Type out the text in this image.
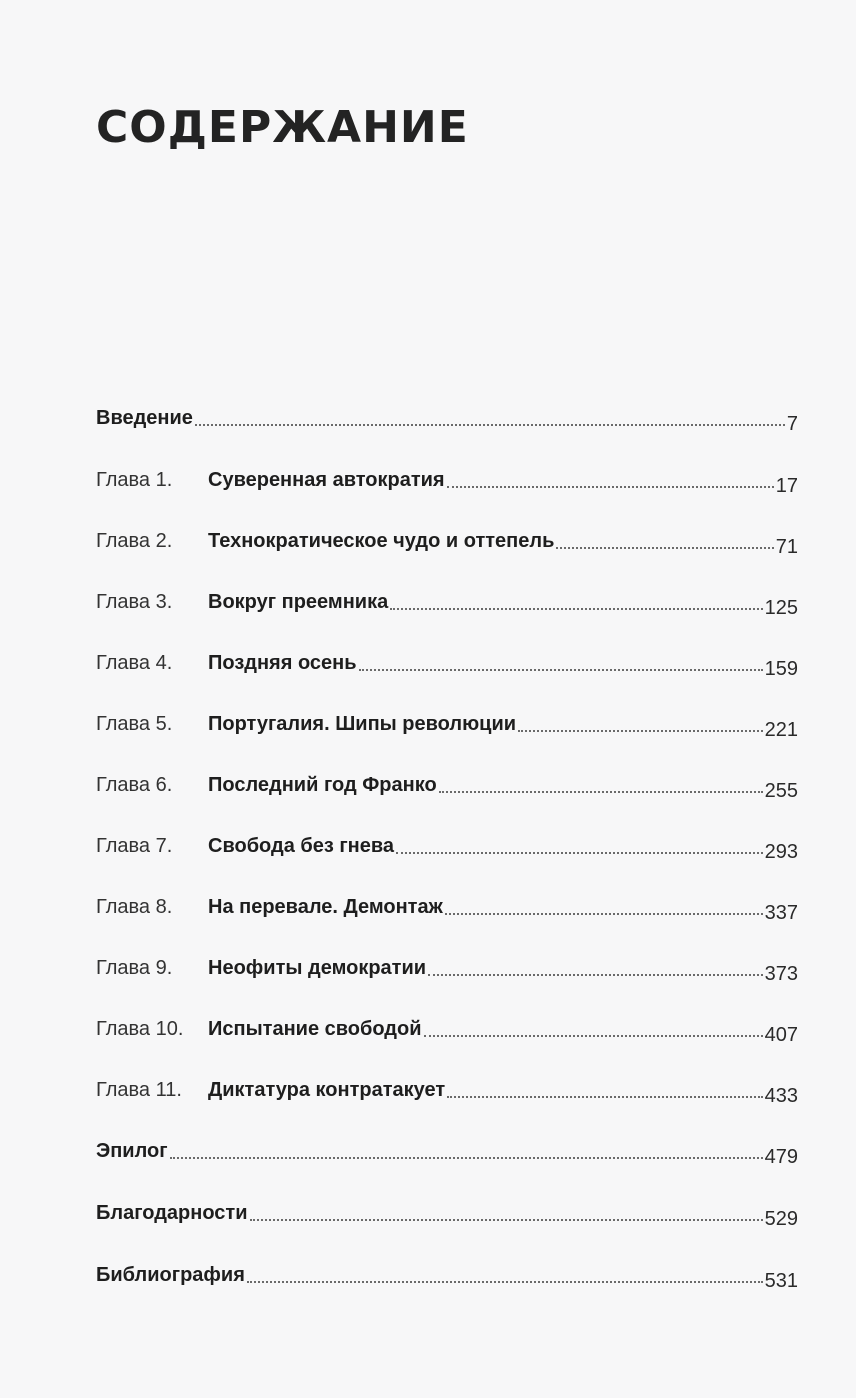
СОДЕРЖАНИЕ
Введение	7
Глава 1.	Суверенная автократия	17
Глава 2.	Технократическое чудо и оттепель	71
Глава 3.	Вокруг преемника	125
Глава 4.	Поздняя осень	159
Глава 5.	Португалия. Шипы революции	221
Глава 6.	Последний год Франко	255
Глава 7.	Свобода без гнева	293
Глава 8.	На перевале. Демонтаж	337
Глава 9.	Неофиты демократии	373
Глава 10.	Испытание свободой	407
Глава 11.	Диктатура контратакует	433
Эпилог	479
Благодарности	529
Библиография	531
